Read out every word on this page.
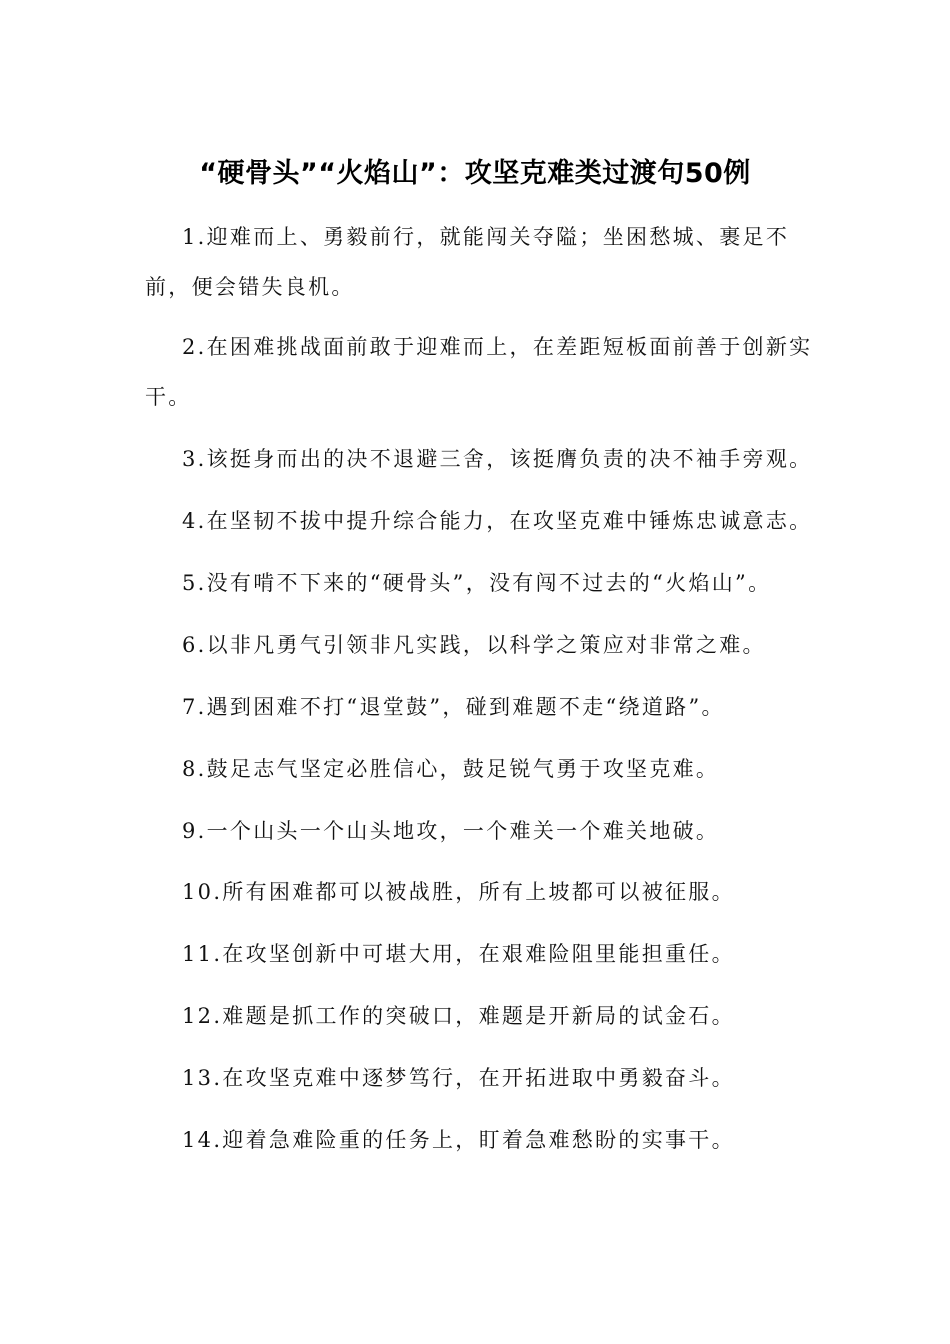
“硬骨头”“火焰山”：攻坚克难类过渡句50例

1.迎难而上、勇毅前行，就能闯关夺隘；坐困愁城、裹足不前，便会错失良机。

2.在困难挑战面前敢于迎难而上，在差距短板面前善于创新实干。

3.该挺身而出的决不退避三舍，该挺膺负责的决不袖手旁观。

4.在坚韧不拔中提升综合能力，在攻坚克难中锤炼忠诚意志。

5.没有啃不下来的“硬骨头”，没有闯不过去的“火焰山”。

6.以非凡勇气引领非凡实践，以科学之策应对非常之难。

7.遇到困难不打“退堂鼓”，碰到难题不走“绕道路”。

8.鼓足志气坚定必胜信心，鼓足锐气勇于攻坚克难。

9.一个山头一个山头地攻，一个难关一个难关地破。

10.所有困难都可以被战胜，所有上坡都可以被征服。

11.在攻坚创新中可堪大用，在艰难险阻里能担重任。

12.难题是抓工作的突破口，难题是开新局的试金石。

13.在攻坚克难中逐梦笃行，在开拓进取中勇毅奋斗。

14.迎着急难险重的任务上，盯着急难愁盼的实事干。
